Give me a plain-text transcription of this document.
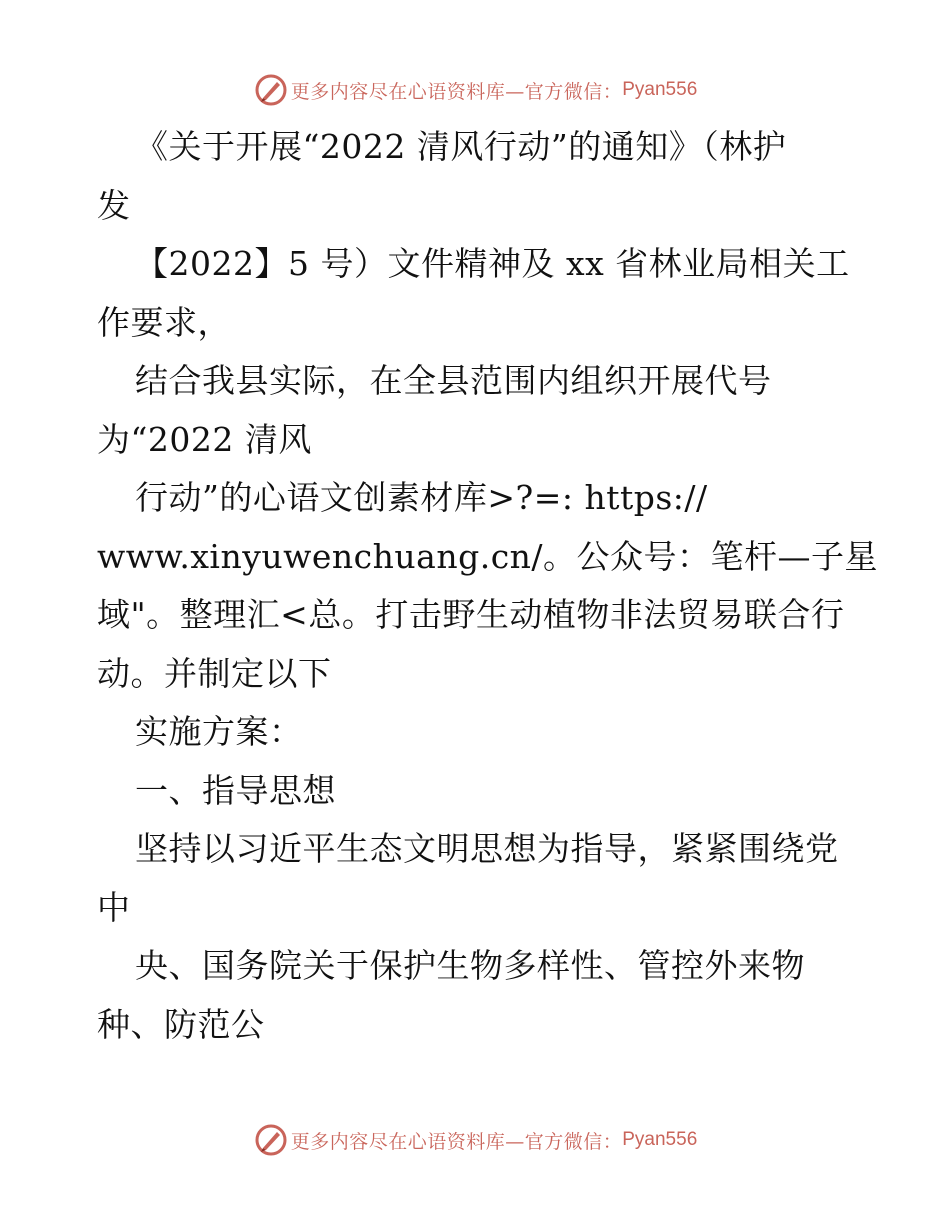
更多内容尽在心语资料库—官方微信： Pyan556
《关于开展“2022 清风行动”的通知》（林护
发
【2022】5 号）文件精神及 xx 省林业局相关工
作要求，
结合我县实际，在全县范围内组织开展代号
为“2022 清风
行动”的心语文创素材库>?=: https://
www.xinyuwenchuang.cn/。公众号：笔杆—子星
域"。整理汇<总。打击野生动植物非法贸易联合行
动。并制定以下
实施方案：
一、指导思想
坚持以习近平生态文明思想为指导，紧紧围绕党
中
央、国务院关于保护生物多样性、管控外来物
种、防范公
更多内容尽在心语资料库—官方微信： Pyan556
